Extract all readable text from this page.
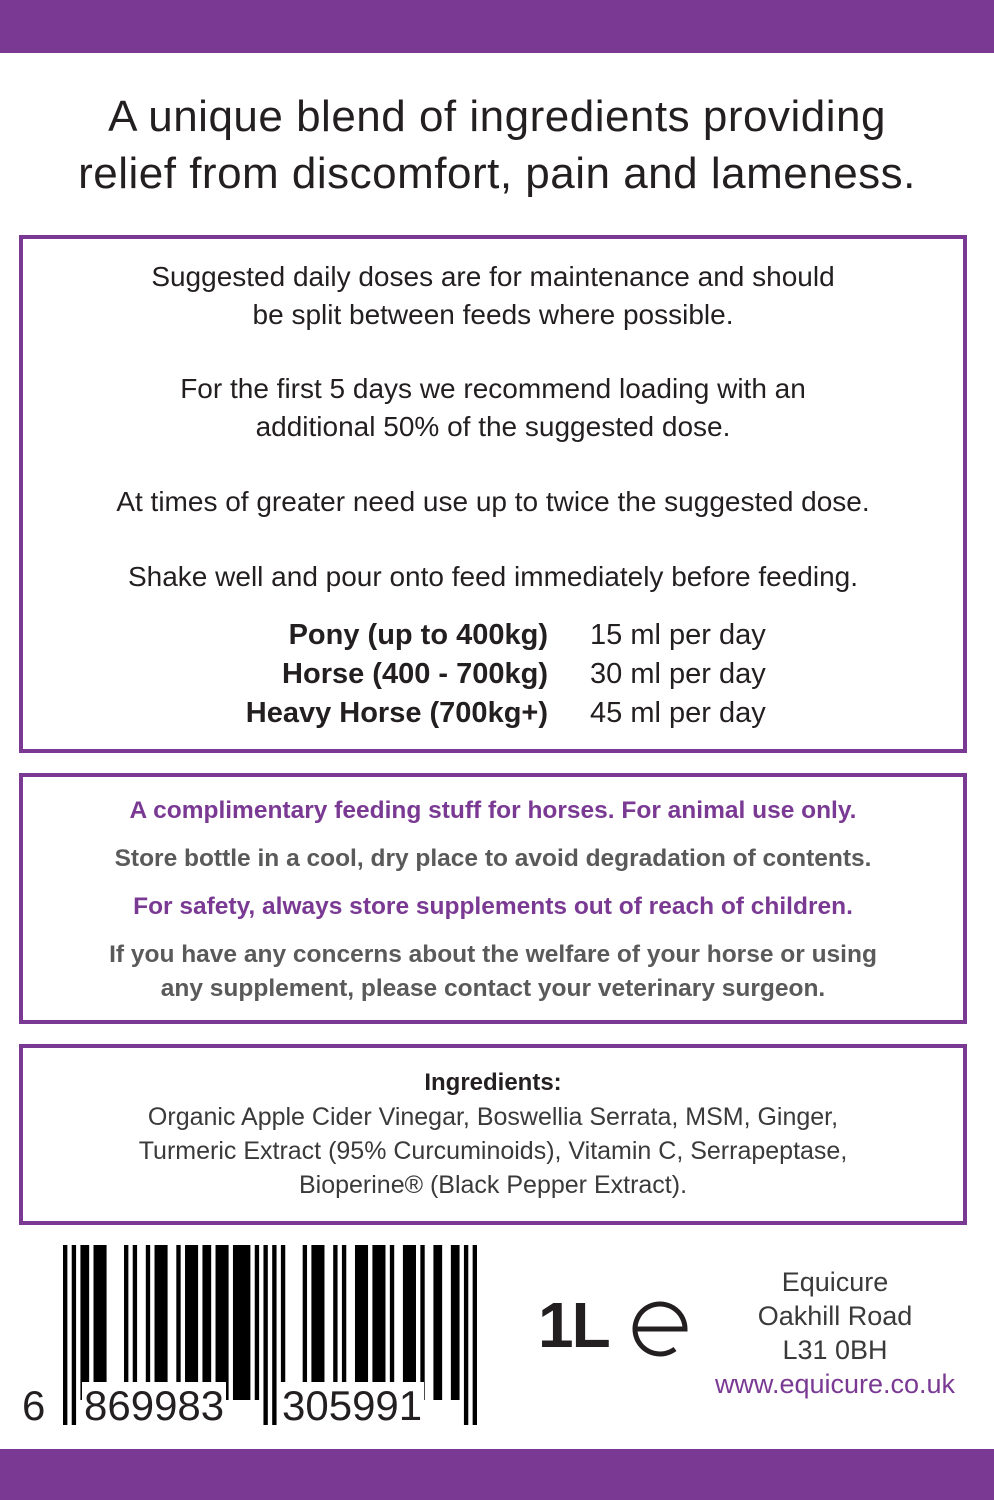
A unique blend of ingredients providing
relief from discomfort, pain and lameness.

Suggested daily doses are for maintenance and should
be split between feeds where possible.

For the first 5 days we recommend loading with an
additional 50% of the suggested dose.

At times of greater need use up to twice the suggested dose.

Shake well and pour onto feed immediately before feeding.

Pony (up to 400kg) 15 ml per day
Horse (400 - 700kg) 30 ml per day
Heavy Horse (700kg+) 45 ml per day

A complimentary feeding stuff for horses. For animal use only.

Store bottle in a cool, dry place to avoid degradation of contents.

For safety, always store supplements out of reach of children.

If you have any concerns about the welfare of your horse or using
any supplement, please contact your veterinary surgeon.

Ingredients:

Organic Apple Cider Vinegar, Boswellia Serrata, MSM, Ginger,
Turmeric Extract (95% Curcuminoids), Vitamin C, Serrapeptase,
Bioperine® (Black Pepper Extract).

6 869983 305991
1L
Equicure
Oakhill Road
L31 0BH
www.equicure.co.uk
